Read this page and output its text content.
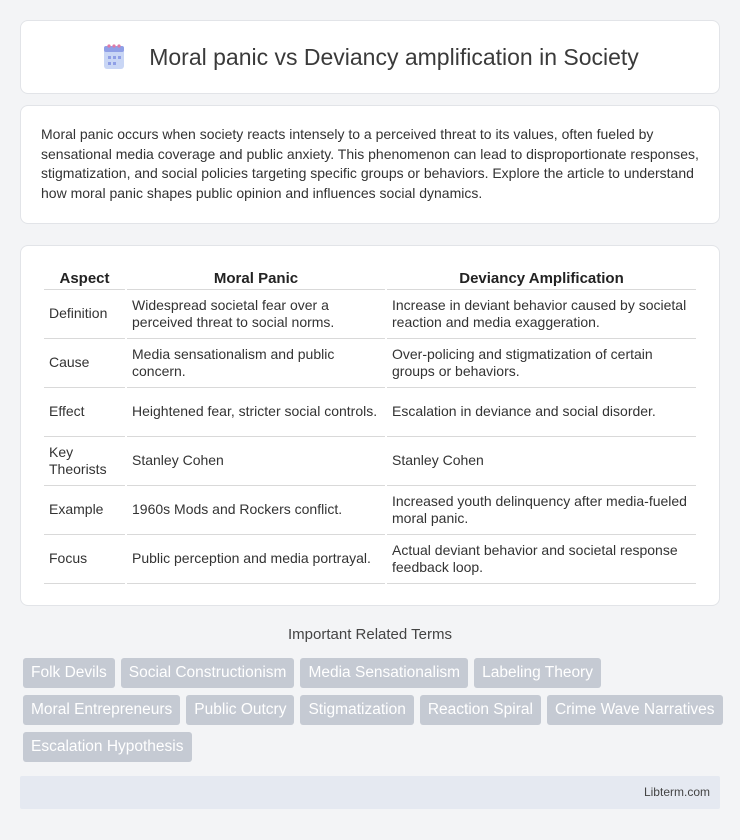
Moral panic vs Deviancy amplification in Society

Moral panic occurs when society reacts intensely to a perceived threat to its values, often fueled by sensational media coverage and public anxiety. This phenomenon can lead to disproportionate responses, stigmatization, and social policies targeting specific groups or behaviors. Explore the article to understand how moral panic shapes public opinion and influences social dynamics.

Aspect	Moral Panic	Deviancy Amplification
Definition	Widespread societal fear over a perceived threat to social norms.	Increase in deviant behavior caused by societal reaction and media exaggeration.
Cause	Media sensationalism and public concern.	Over-policing and stigmatization of certain groups or behaviors.
Effect	Heightened fear, stricter social controls.	Escalation in deviance and social disorder.
Key Theorists	Stanley Cohen	Stanley Cohen
Example	1960s Mods and Rockers conflict.	Increased youth delinquency after media-fueled moral panic.
Focus	Public perception and media portrayal.	Actual deviant behavior and societal response feedback loop.
Important Related Terms
Folk Devils	Social Constructionism	Media Sensationalism	Labeling Theory
Moral Entrepreneurs	Public Outcry	Stigmatization	Reaction Spiral	Crime Wave Narratives
Escalation Hypothesis
Libterm.com
